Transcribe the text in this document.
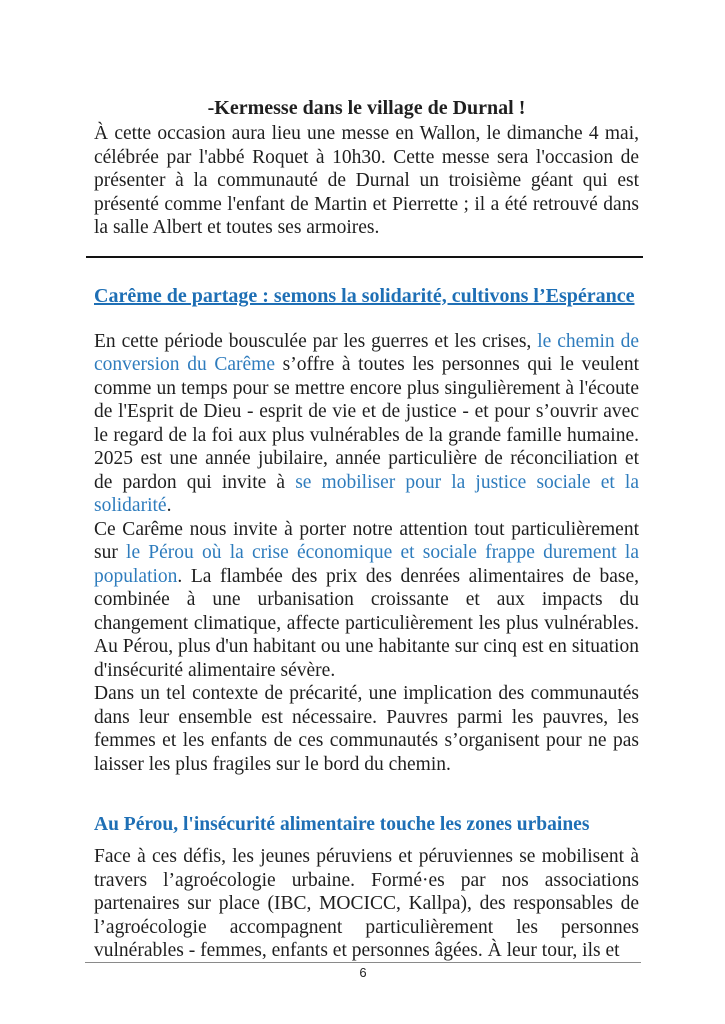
-Kermesse dans le village de Durnal !

À cette occasion aura lieu une messe en Wallon, le dimanche 4 mai, célébrée par l'abbé Roquet à 10h30. Cette messe sera l'occasion de présenter à la communauté de Durnal un troisième géant qui est présenté comme l'enfant de Martin et Pierrette ; il a été retrouvé dans la salle Albert et toutes ses armoires.

Carême de partage : semons la solidarité, cultivons l’Espérance

En cette période bousculée par les guerres et les crises, le chemin de conversion du Carême s’offre à toutes les personnes qui le veulent comme un temps pour se mettre encore plus singulièrement à l'écoute de l'Esprit de Dieu - esprit de vie et de justice - et pour s’ouvrir avec le regard de la foi aux plus vulnérables de la grande famille humaine. 2025 est une année jubilaire, année particulière de réconciliation et de pardon qui invite à se mobiliser pour la justice sociale et la solidarité.

Ce Carême nous invite à porter notre attention tout particulièrement sur le Pérou où la crise économique et sociale frappe durement la population. La flambée des prix des denrées alimentaires de base, combinée à une urbanisation croissante et aux impacts du changement climatique, affecte particulièrement les plus vulnérables. Au Pérou, plus d'un habitant ou une habitante sur cinq est en situation d'insécurité alimentaire sévère.

Dans un tel contexte de précarité, une implication des communautés dans leur ensemble est nécessaire. Pauvres parmi les pauvres, les femmes et les enfants de ces communautés s’organisent pour ne pas laisser les plus fragiles sur le bord du chemin.

Au Pérou, l'insécurité alimentaire touche les zones urbaines

Face à ces défis, les jeunes péruviens et péruviennes se mobilisent à travers l’agroécologie urbaine. Formé·es par nos associations partenaires sur place (IBC, MOCICC, Kallpa), des responsables de l’agroécologie accompagnent particulièrement les personnes vulnérables - femmes, enfants et personnes âgées. À leur tour, ils et

6
